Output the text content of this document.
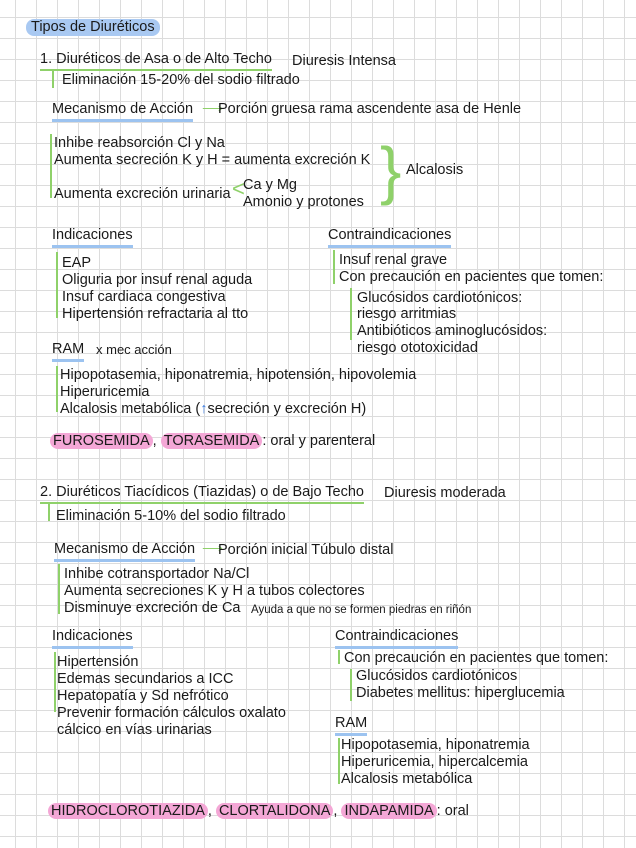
Tipos de Diuréticos
1. Diuréticos de Asa o de Alto Techo Diuresis Intensa
Eliminación 15-20% del sodio filtrado
Mecanismo de Acción ⟶
Porción gruesa rama ascendente asa de Henle
Inhibe reabsorción Cl y Na
Aumenta secreción K y H = aumenta excreción K
Aumenta excreción urinaria <
Ca y Mg
Amonio y protones } Alcalosis
Indicaciones
EAP
Oliguria por insuf renal aguda
Insuf cardiaca congestiva
Hipertensión refractaria al tto
Contraindicaciones
Insuf renal grave
Con precaución en pacientes que tomen:
Glucósidos cardiotónicos:
riesgo arritmias
Antibióticos aminoglucósidos:
riesgo ototoxicidad
RAM x mec acción
Hipopotasemia, hiponatremia, hipotensión, hipovolemia
Hiperuricemia
Alcalosis metabólica (↑secreción y excreción H)
FUROSEMIDA , TORASEMIDA : oral y parenteral
2. Diuréticos Tiacídicos (Tiazidas) o de Bajo Techo Diuresis moderada
Eliminación 5-10% del sodio filtrado
Mecanismo de Acción ⟶
Porción inicial Túbulo distal
Inhibe cotransportador Na/Cl
Aumenta secreciones K y H a tubos colectores
Disminuye excreción de Ca Ayuda a que no se formen piedras en riñón
Indicaciones
Hipertensión
Edemas secundarios a ICC
Hepatopatía y Sd nefrótico
Prevenir formación cálculos oxalato
cálcico en vías urinarias
Contraindicaciones
Con precaución en pacientes que tomen:
Glucósidos cardiotónicos
Diabetes mellitus: hiperglucemia
RAM
Hipopotasemia, hiponatremia
Hiperuricemia, hipercalcemia
Alcalosis metabólica
HIDROCLOROTIAZIDA , CLORTALIDONA , INDAPAMIDA : oral
